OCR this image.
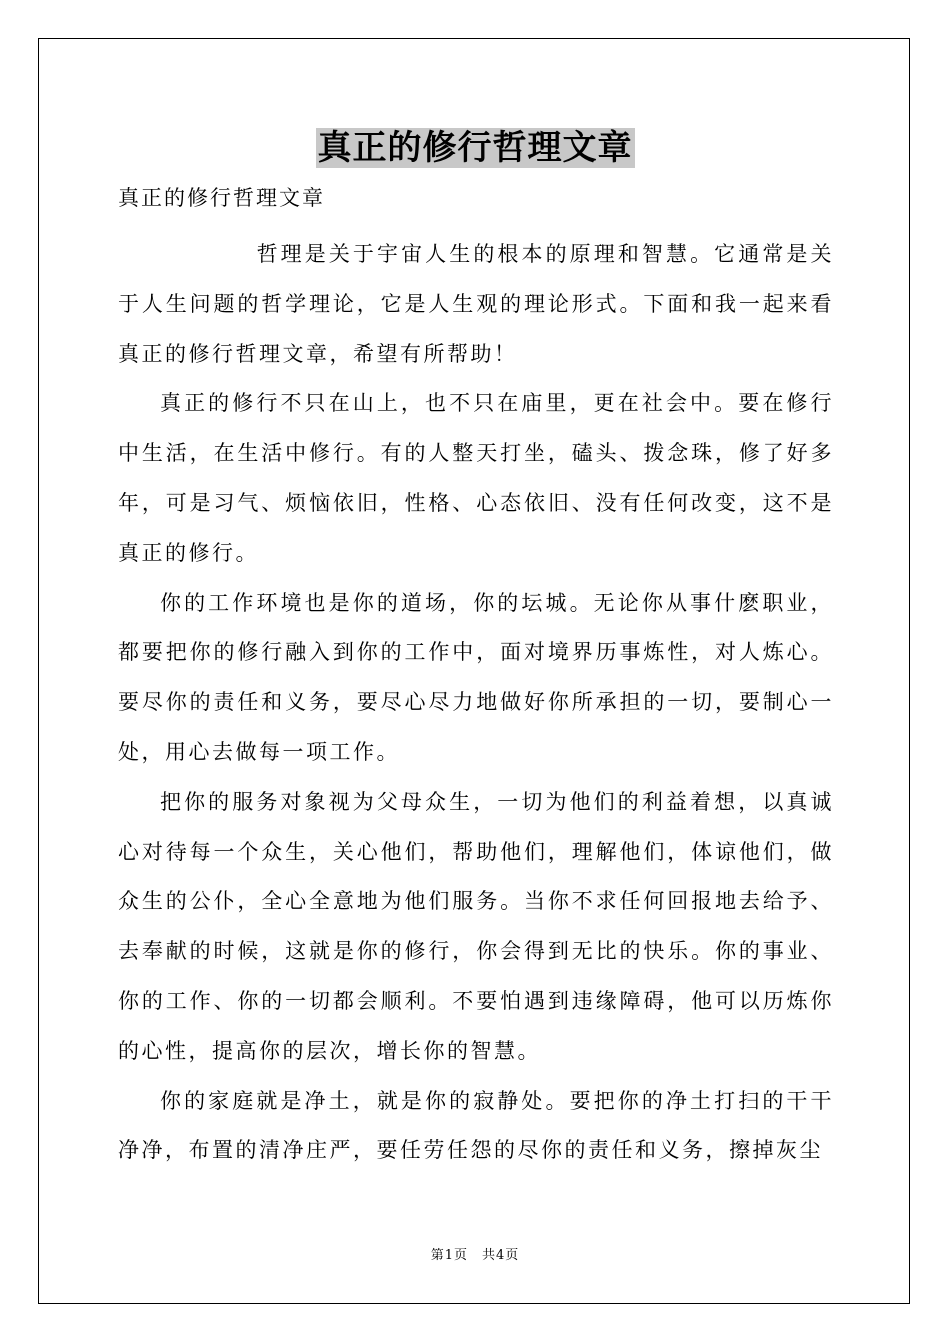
真正的修行哲理文章
真正的修行哲理文章

哲理是关于宇宙人生的根本的原理和智慧。它通常是关于人生问题的哲学理论，它是人生观的理论形式。下面和我一起来看真正的修行哲理文章，希望有所帮助！

真正的修行不只在山上，也不只在庙里，更在社会中。要在修行中生活，在生活中修行。有的人整天打坐，磕头、拨念珠，修了好多年，可是习气、烦恼依旧，性格、心态依旧、没有任何改变，这不是真正的修行。

你的工作环境也是你的道场，你的坛城。无论你从事什麽职业，都要把你的修行融入到你的工作中，面对境界历事炼性，对人炼心。要尽你的责任和义务，要尽心尽力地做好你所承担的一切，要制心一处，用心去做每一项工作。

把你的服务对象视为父母众生，一切为他们的利益着想，以真诚心对待每一个众生，关心他们，帮助他们，理解他们，体谅他们，做众生的公仆，全心全意地为他们服务。当你不求任何回报地去给予、去奉献的时候，这就是你的修行，你会得到无比的快乐。你的事业、你的工作、你的一切都会顺利。不要怕遇到违缘障碍，他可以历炼你的心性，提高你的层次，增长你的智慧。

你的家庭就是净土，就是你的寂静处。要把你的净土打扫的干干净净，布置的清净庄严，要任劳任怨的尽你的责任和义务，擦掉灰尘

第1页　共4页
